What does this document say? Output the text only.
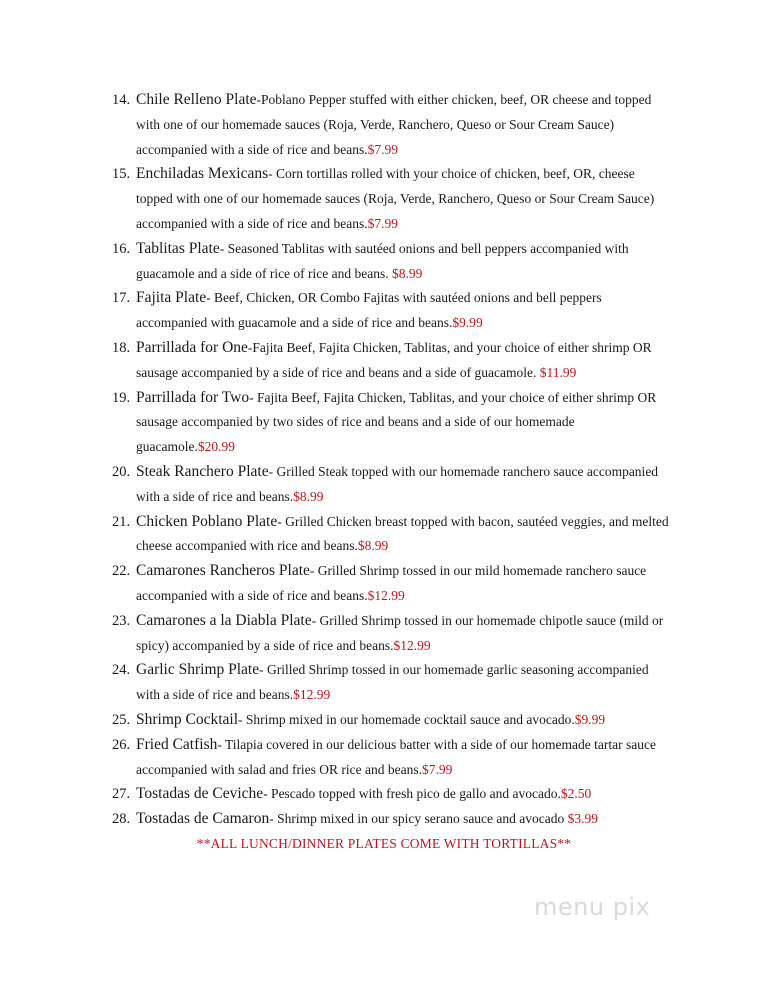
14. Chile Relleno Plate-Poblano Pepper stuffed with either chicken, beef, OR cheese and topped with one of our homemade sauces (Roja, Verde, Ranchero, Queso or Sour Cream Sauce) accompanied with a side of rice and beans.$7.99
15. Enchiladas Mexicans- Corn tortillas rolled with your choice of chicken, beef, OR, cheese topped with one of our homemade sauces (Roja, Verde, Ranchero, Queso or Sour Cream Sauce) accompanied with a side of rice and beans.$7.99
16. Tablitas Plate- Seasoned Tablitas with sautéed onions and bell peppers accompanied with guacamole and a side of rice of rice and beans. $8.99
17. Fajita Plate- Beef, Chicken, OR Combo Fajitas with sautéed onions and bell peppers accompanied with guacamole and a side of rice and beans.$9.99
18. Parrillada for One-Fajita Beef, Fajita Chicken, Tablitas, and your choice of either shrimp OR sausage accompanied by a side of rice and beans and a side of guacamole. $11.99
19. Parrillada for Two- Fajita Beef, Fajita Chicken, Tablitas, and your choice of either shrimp OR sausage accompanied by two sides of rice and beans and a side of our homemade guacamole.$20.99
20. Steak Ranchero Plate- Grilled Steak topped with our homemade ranchero sauce accompanied with a side of rice and beans.$8.99
21. Chicken Poblano Plate- Grilled Chicken breast topped with bacon, sautéed veggies, and melted cheese accompanied with rice and beans.$8.99
22. Camarones Rancheros Plate- Grilled Shrimp tossed in our mild homemade ranchero sauce accompanied with a side of rice and beans.$12.99
23. Camarones a la Diabla Plate- Grilled Shrimp tossed in our homemade chipotle sauce (mild or spicy) accompanied by a side of rice and beans.$12.99
24. Garlic Shrimp Plate- Grilled Shrimp tossed in our homemade garlic seasoning accompanied with a side of rice and beans.$12.99
25. Shrimp Cocktail- Shrimp mixed in our homemade cocktail sauce and avocado.$9.99
26. Fried Catfish- Tilapia covered in our delicious batter with a side of our homemade tartar sauce accompanied with salad and fries OR rice and beans.$7.99
27. Tostadas de Ceviche- Pescado topped with fresh pico de gallo and avocado.$2.50
28. Tostadas de Camaron- Shrimp mixed in our spicy serano sauce and avocado $3.99
**ALL LUNCH/DINNER PLATES COME WITH TORTILLAS**
menu pix
